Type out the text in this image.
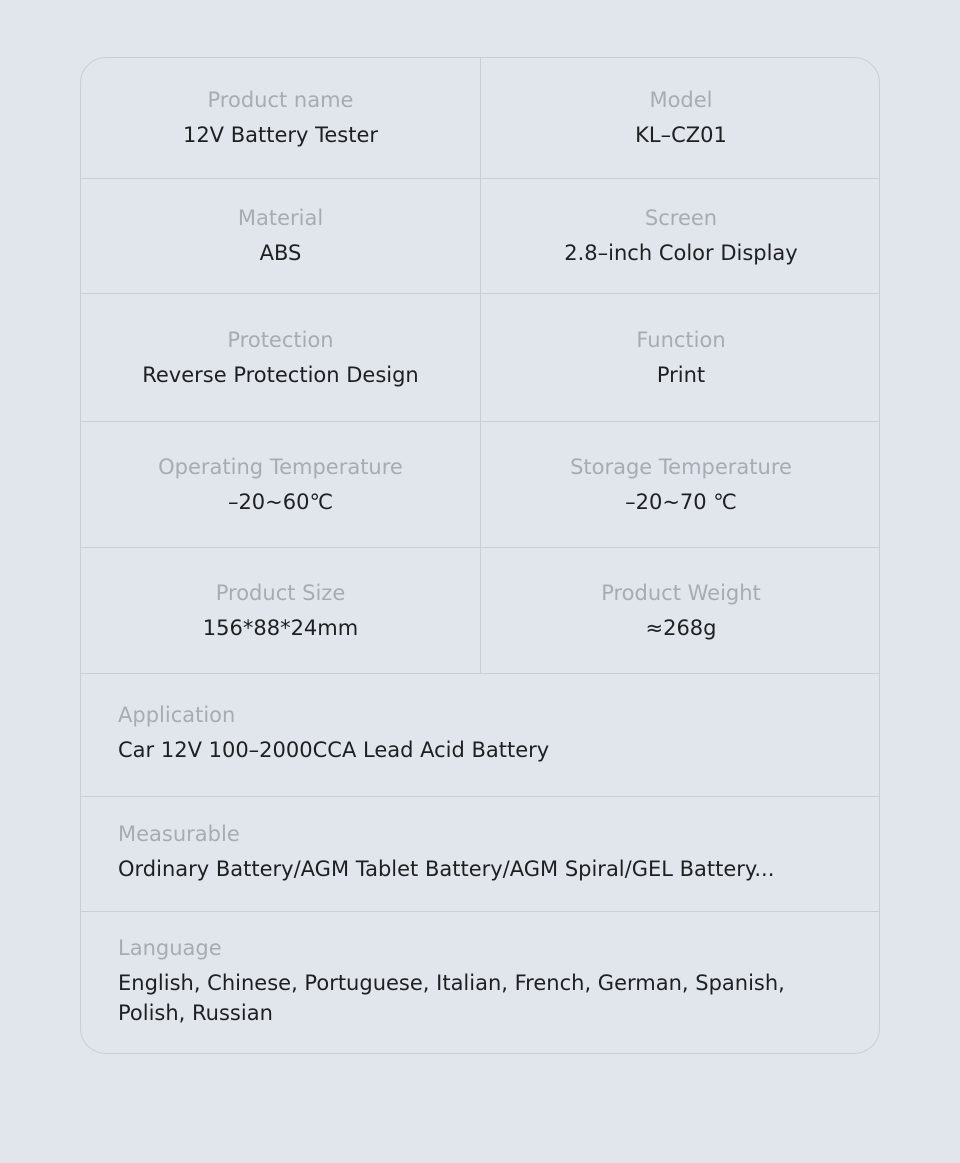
Product name
12V Battery Tester
Model
KL–CZ01
Material
ABS
Screen
2.8–inch Color Display
Protection
Reverse Protection Design
Function
Print
Operating Temperature
–20~60℃
Storage Temperature
–20~70 ℃
Product Size
156*88*24mm
Product Weight
≈268g
Application
Car 12V 100–2000CCA Lead Acid Battery
Measurable
Ordinary Battery/AGM Tablet Battery/AGM Spiral/GEL Battery...
Language
English, Chinese, Portuguese, Italian, French, German, Spanish, Polish, Russian
